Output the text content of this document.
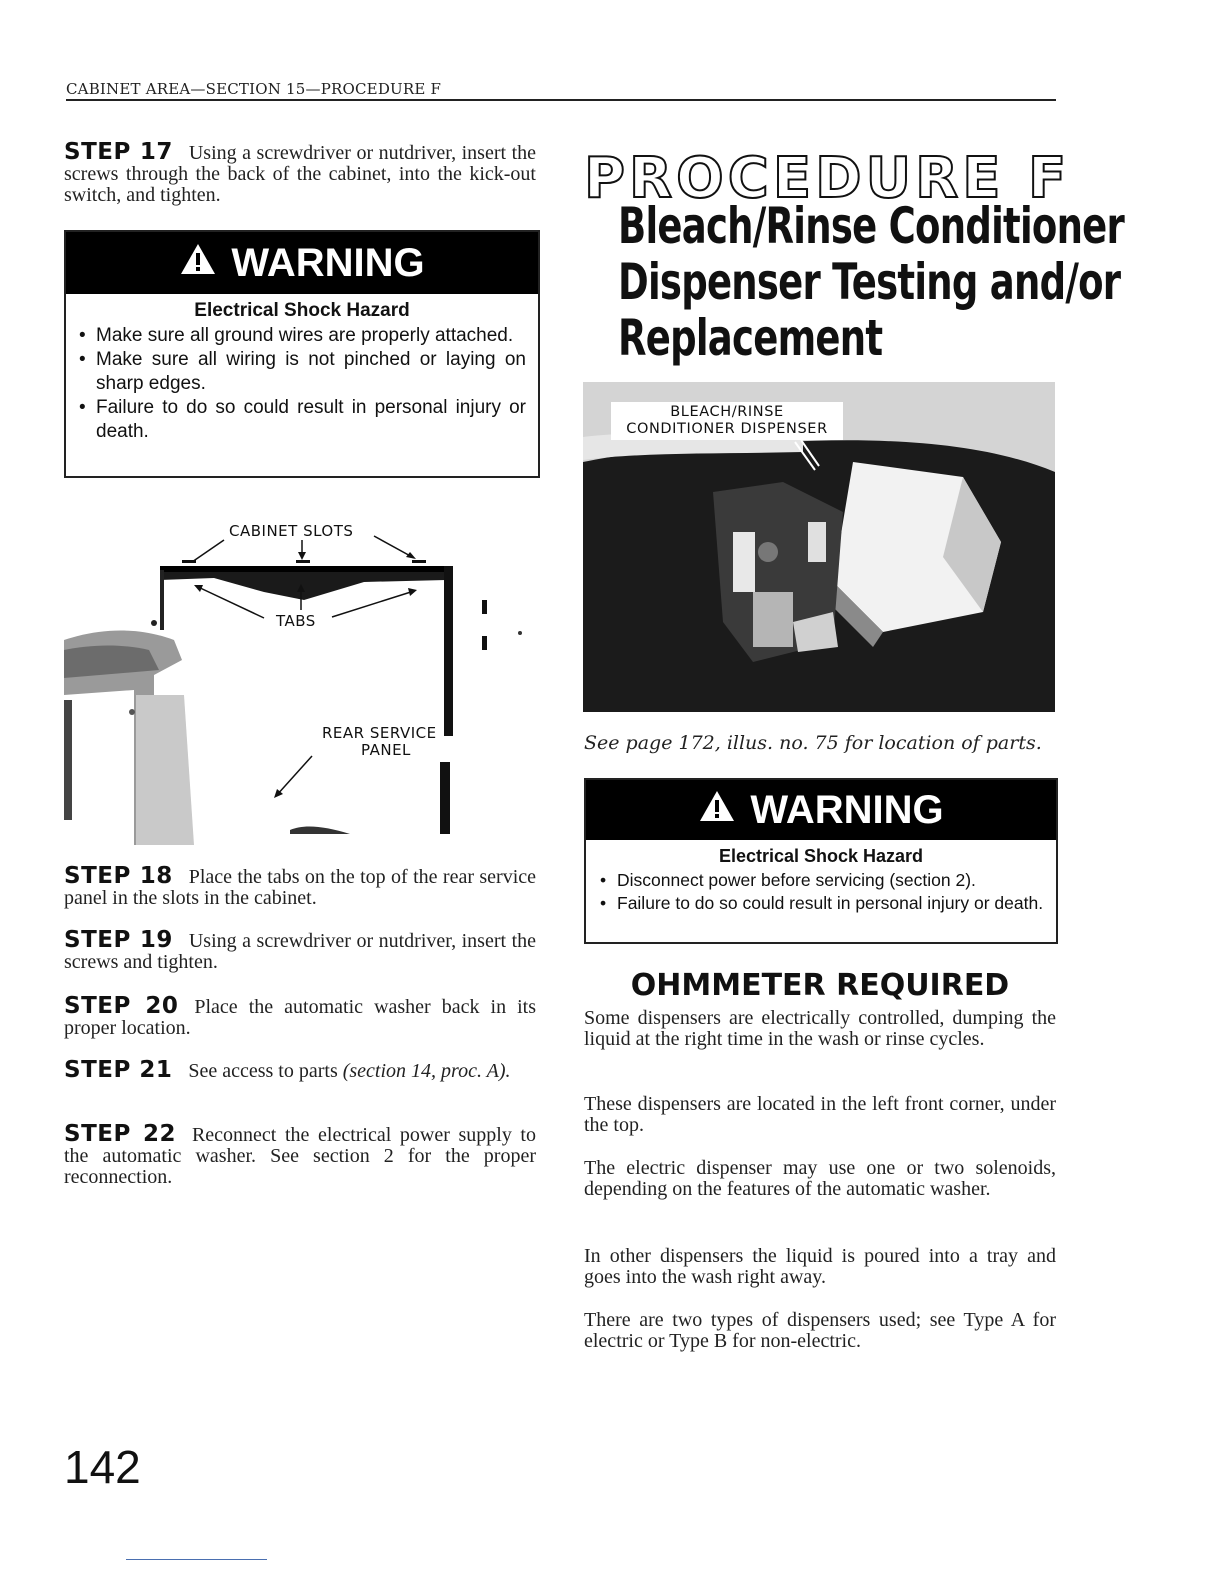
CABINET AREA—SECTION 15—PROCEDURE F
STEP 17 Using a screwdriver or nutdriver, insert the screws through the back of the cabinet, into the kick-out switch, and tighten.
WARNING
Electrical Shock Hazard
• Make sure all ground wires are properly attached.
• Make sure all wiring is not pinched or laying on sharp edges.
• Failure to do so could result in personal injury or death.
CABINET SLOTS
TABS
REAR SERVICE
PANEL
STEP 18 Place the tabs on the top of the rear service panel in the slots in the cabinet.
STEP 19 Using a screwdriver or nutdriver, insert the screws and tighten.
STEP 20 Place the automatic washer back in its proper location.
STEP 21 See access to parts (section 14, proc. A).
STEP 22 Reconnect the electrical power supply to the automatic washer. See section 2 for the proper reconnection.
PROCEDURE F
Bleach/Rinse Conditioner
Dispenser Testing and/or
Replacement
BLEACH/RINSE
CONDITIONER DISPENSER
See page 172, illus. no. 75 for location of parts.
WARNING
Electrical Shock Hazard
• Disconnect power before servicing (section 2).
• Failure to do so could result in personal injury or death.
OHMMETER REQUIRED
Some dispensers are electrically controlled, dumping the liquid at the right time in the wash or rinse cycles.
These dispensers are located in the left front corner, under the top.
The electric dispenser may use one or two solenoids, depending on the features of the automatic washer.
In other dispensers the liquid is poured into a tray and goes into the wash right away.
There are two types of dispensers used; see Type A for electric or Type B for non-electric.
142
